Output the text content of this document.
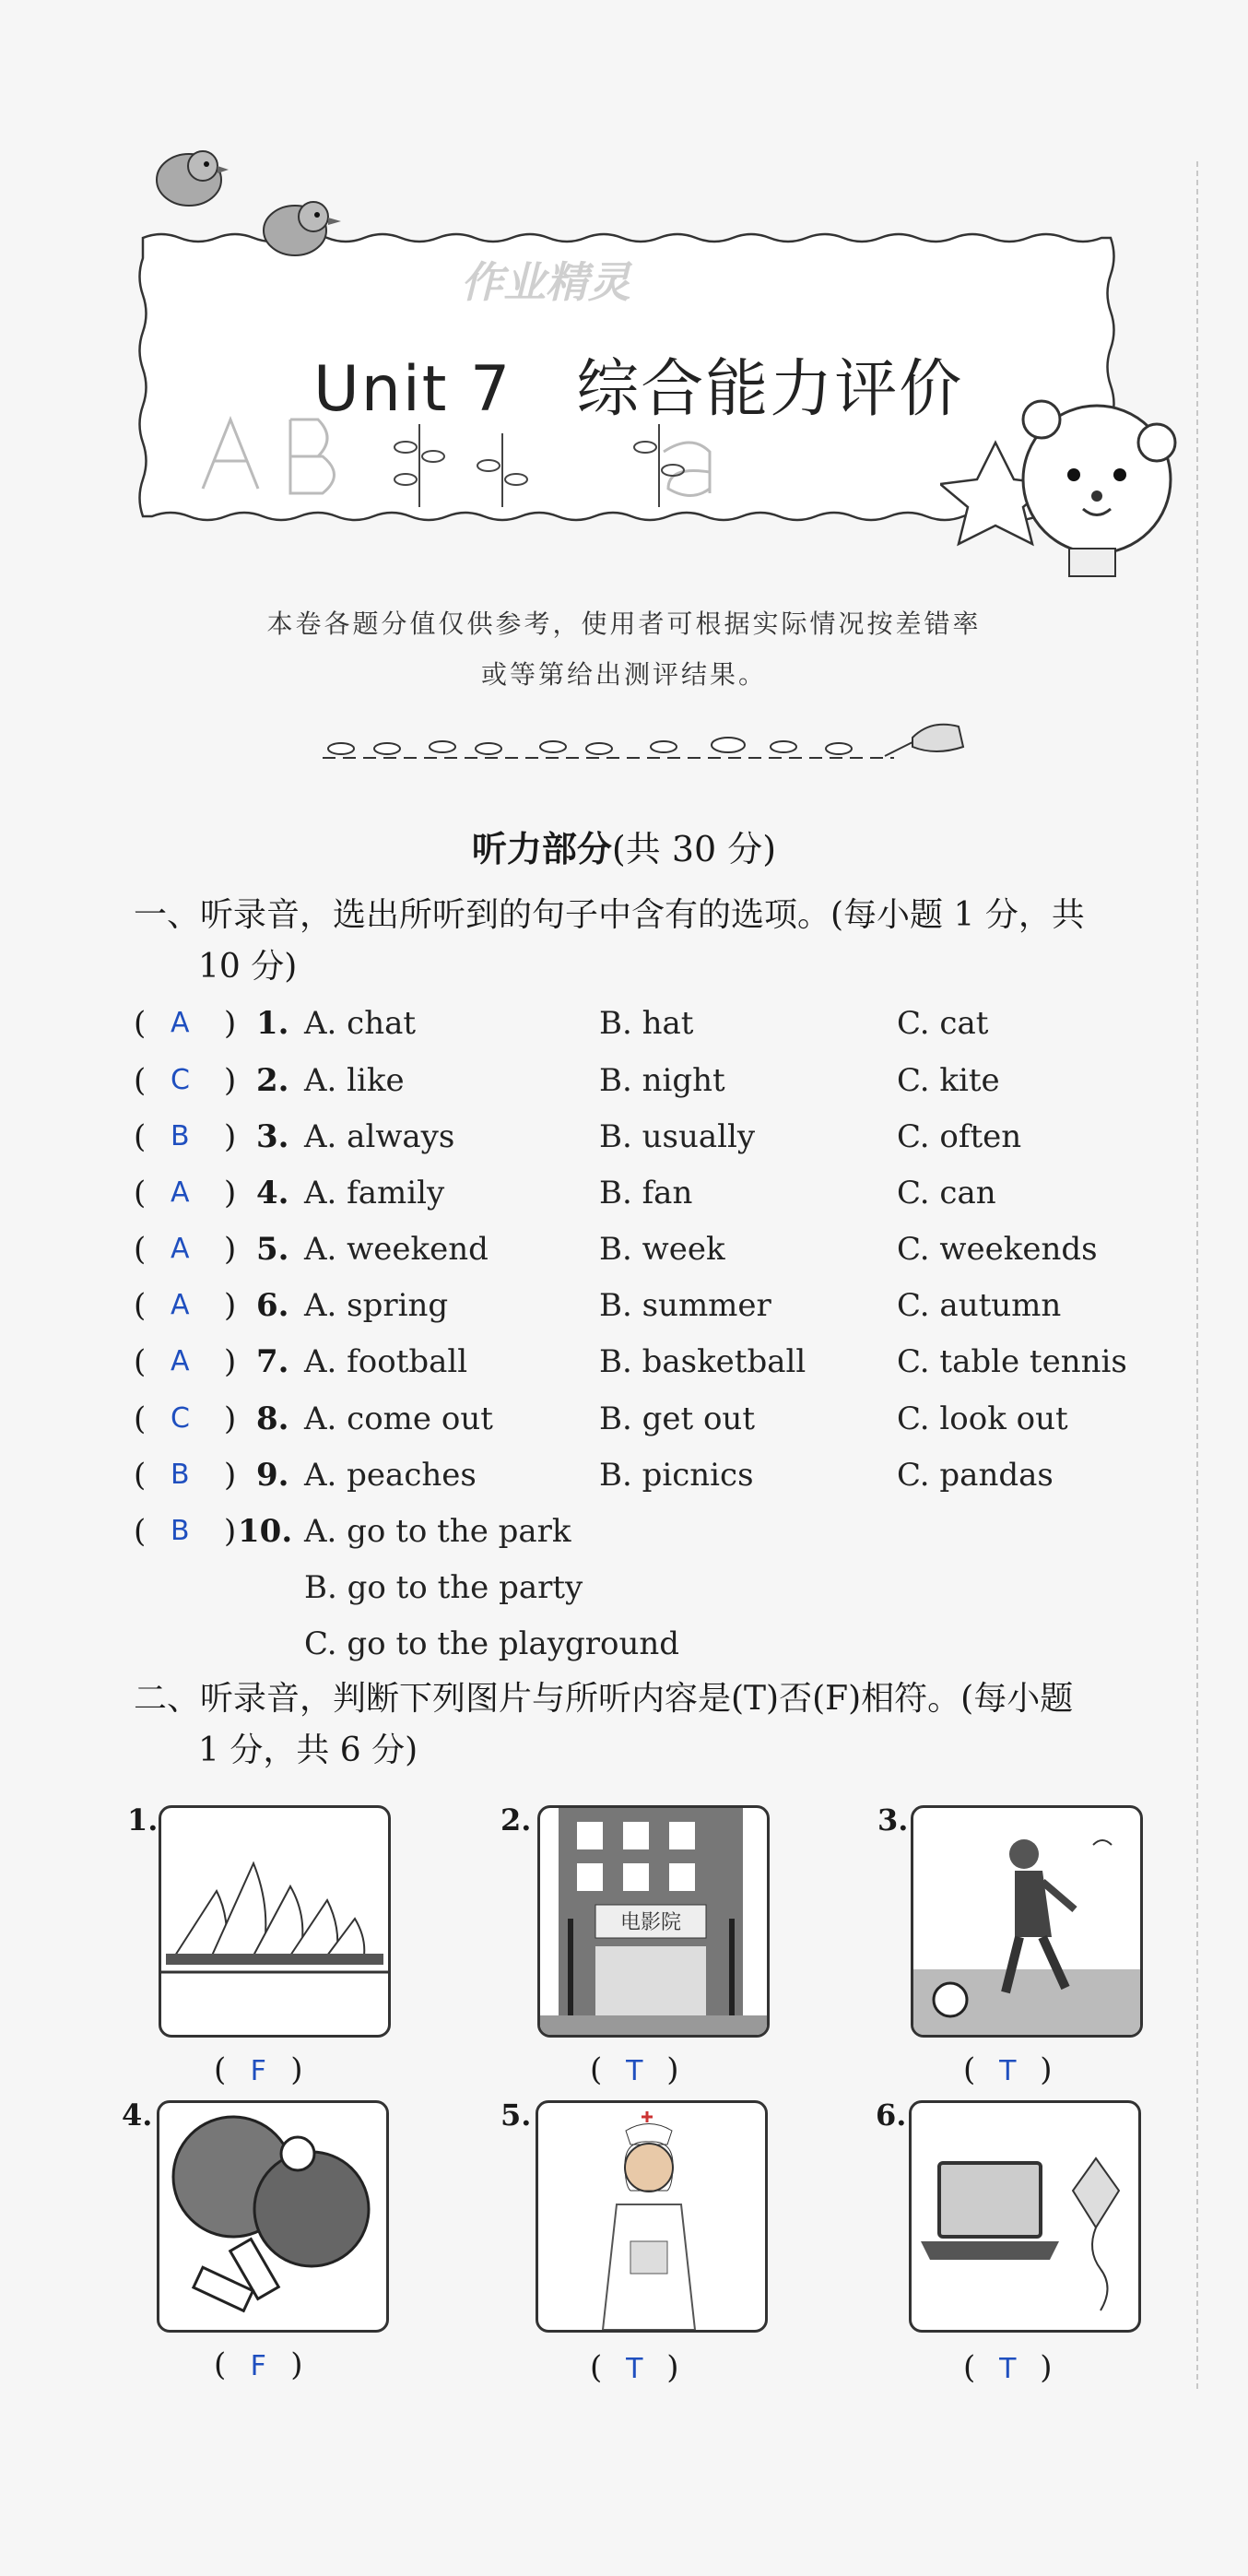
作业精灵
Unit 7　综合能力评价
本卷各题分值仅供参考，使用者可根据实际情况按差错率
或等第给出测评结果。
听力部分(共 30 分)
一、听录音，选出所听到的句子中含有的选项。(每小题 1 分，共
10 分)
( A ) 1. A. chat	B. hat	C. cat
( C ) 2. A. like	B. night	C. kite
( B ) 3. A. always	B. usually	C. often
( A ) 4. A. family	B. fan	C. can
( A ) 5. A. weekend	B. week	C. weekends
( A ) 6. A. spring	B. summer	C. autumn
( A ) 7. A. football	B. basketball	C. table tennis
( C ) 8. A. come out	B. get out	C. look out
( B ) 9. A. peaches	B. picnics	C. pandas
( B ) 10. A. go to the park
B. go to the party
C. go to the playground
二、听录音，判断下列图片与所听内容是(T)否(F)相符。(每小题
1 分，共 6 分)
1.
( F )
2.
电影院
( T )
3.
( T )
4.
( F )
5.
( T )
6.
( T )
